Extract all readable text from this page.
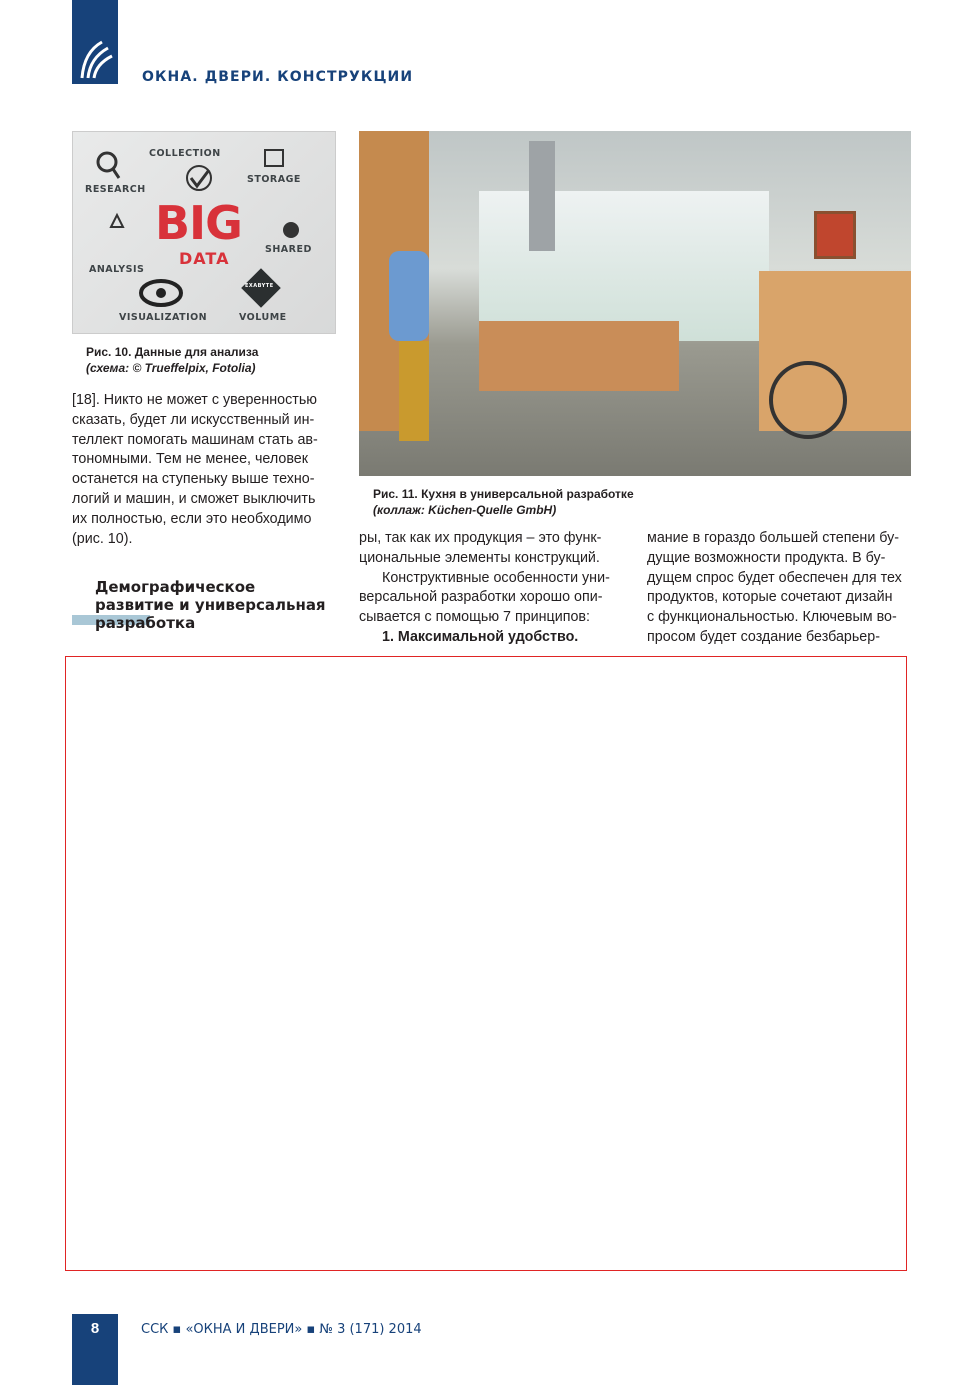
ОКНА. ДВЕРИ. КОНСТРУКЦИИ
COLLECTION
RESEARCH
STORAGE
BIG
DATA
ANALYSIS
SHARED
VISUALIZATION
EXABYTE
VOLUME
Рис. 10. Данные для анализа
(схема: © Trueffelpix, Fotolia)
Рис. 11. Кухня в универсальной разработке
(коллаж: Küchen-Quelle GmbH)
[18]. Никто не может с уверенностью
сказать, будет ли искусственный ин-
теллект помогать машинам стать ав-
тономными. Тем не менее, человек
останется на ступеньку выше техно-
логий и машин, и сможет выключить
их полностью, если это необходимо
(рис. 10).
Демографическое
развитие и универсальная
разработка
ры, так как их продукция – это функ-
циональные элементы конструкций.
Конструктивные особенности уни-
версальной разработки хорошо опи-
сывается с помощью 7 принципов:
1. Максимальной удобство.
мание в гораздо большей степени бу-
дущие возможности продукта. В бу-
дущем спрос будет обеспечен для тех
продуктов, которые сочетают дизайн
с функциональностью. Ключевым во-
просом будет создание безбарьер-
8	ССК ▪ «ОКНА И ДВЕРИ» ▪ № 3 (171) 2014
